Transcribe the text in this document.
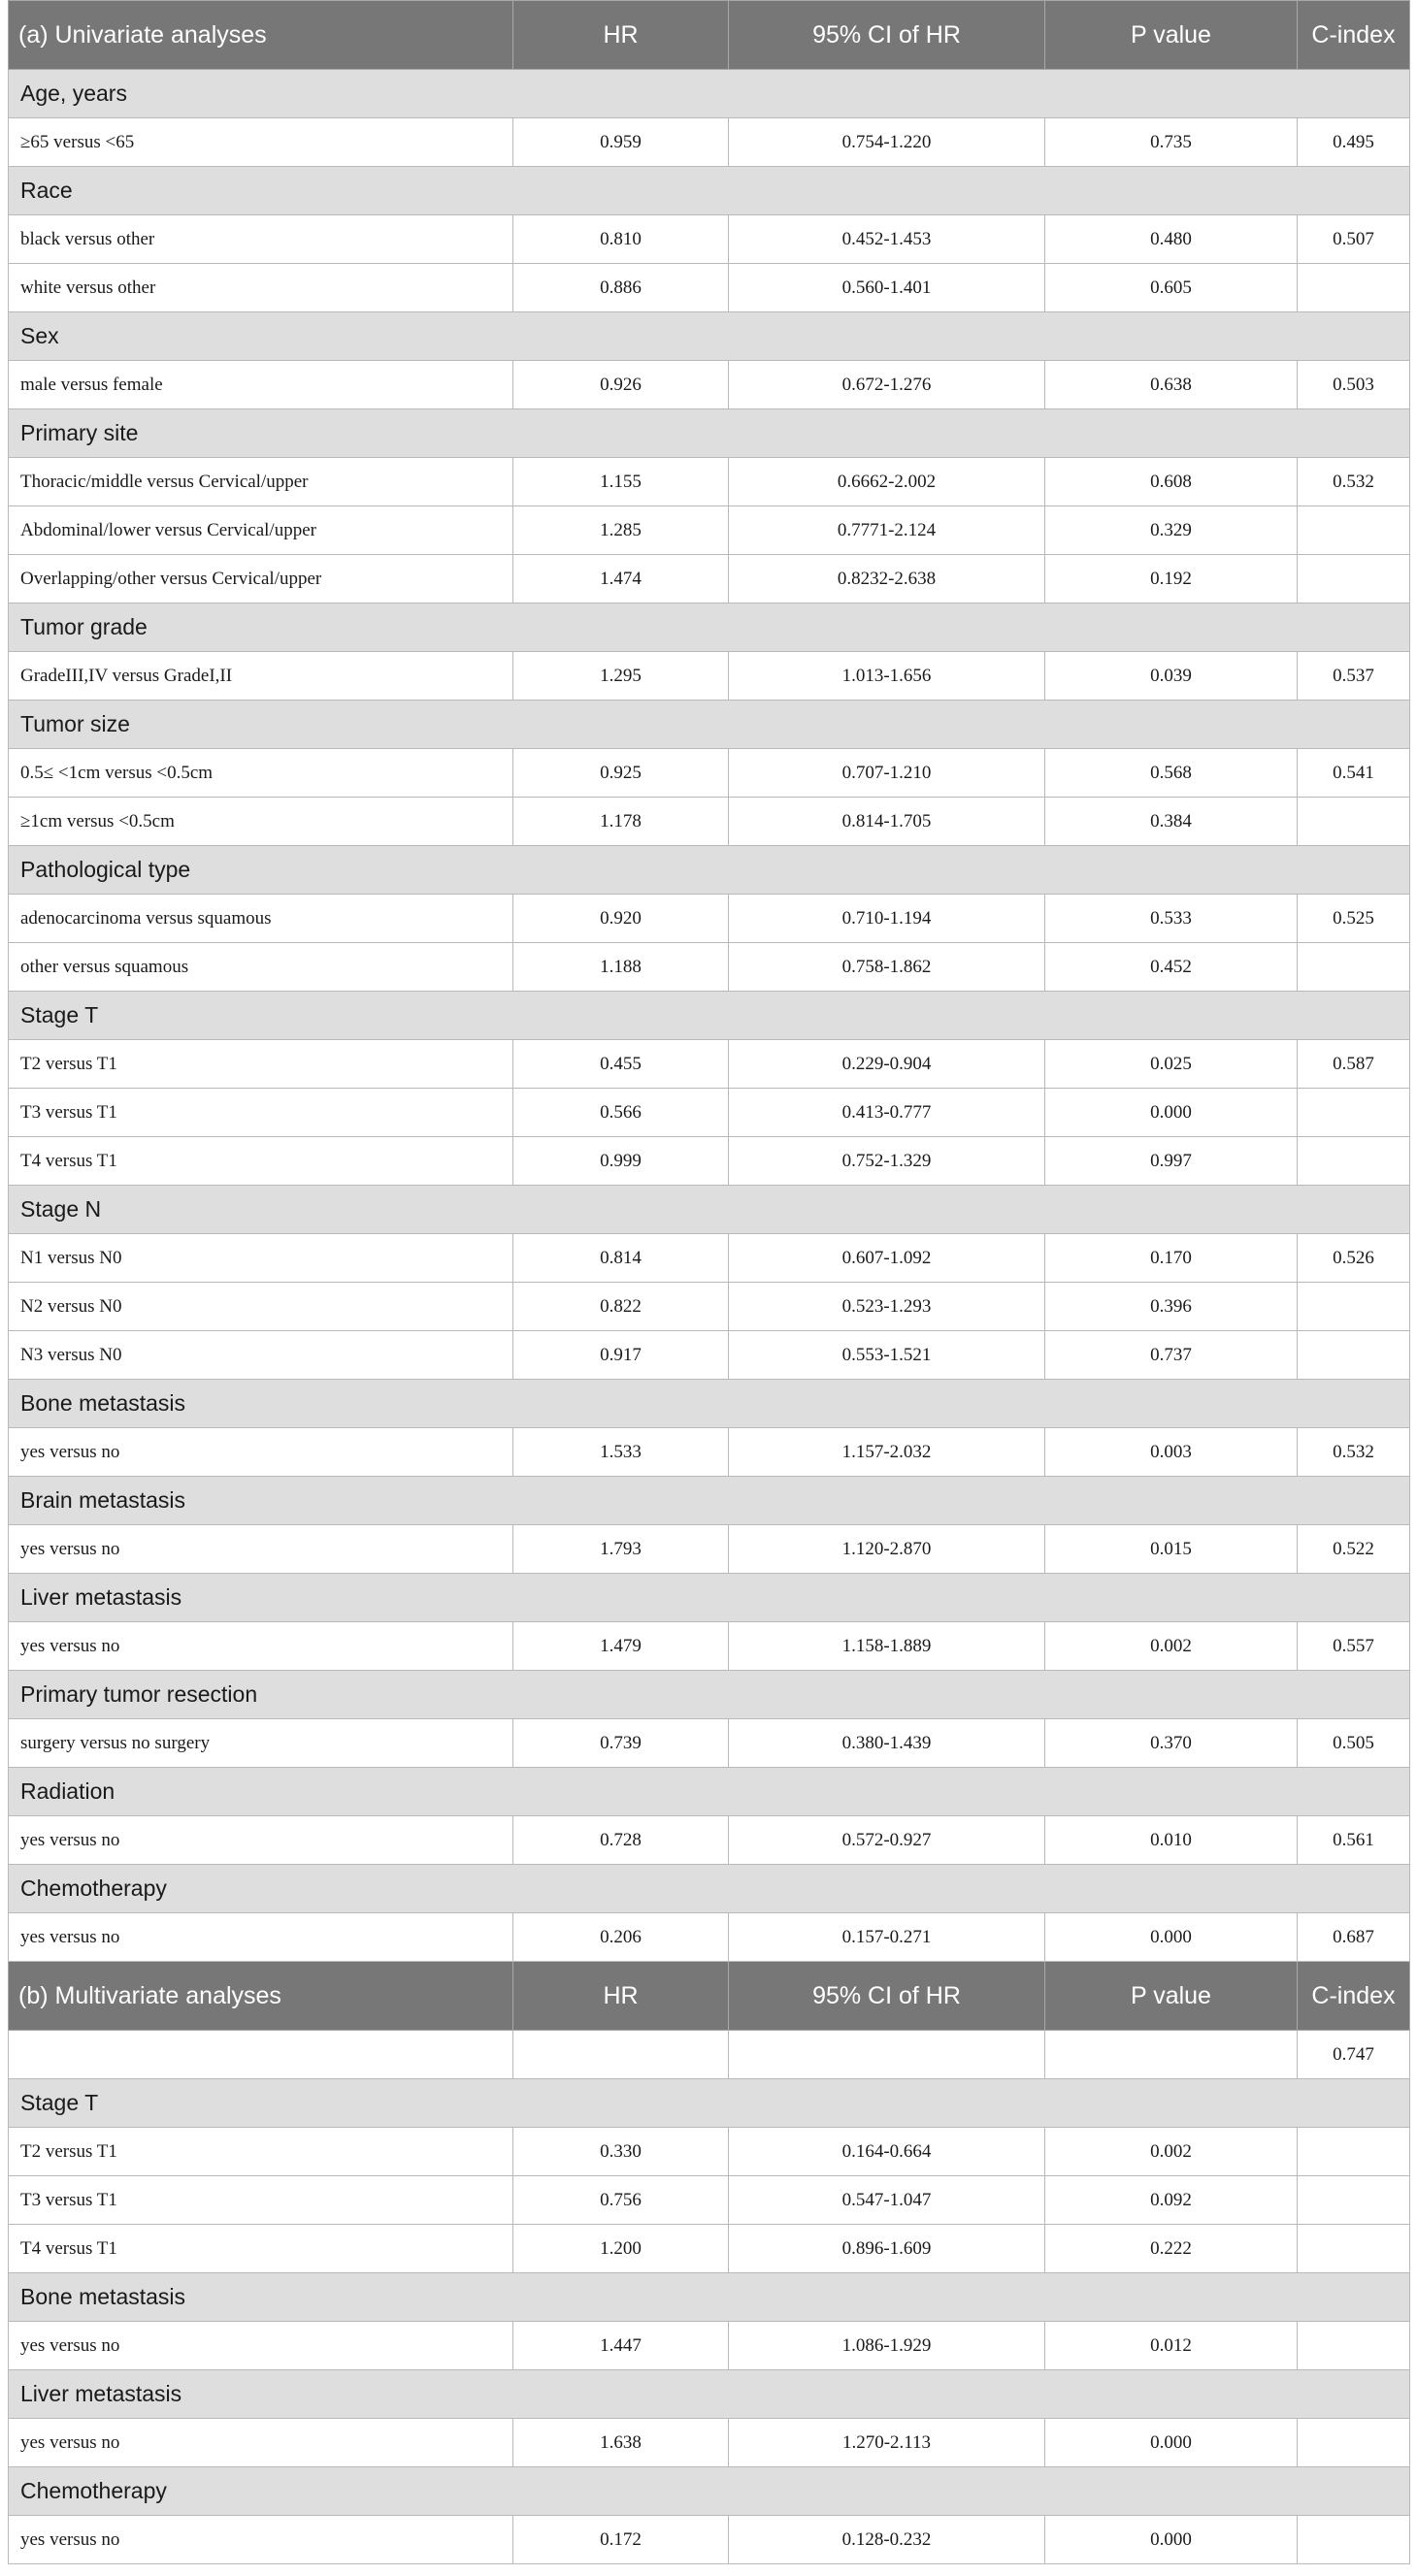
(a) Univariate analyses	HR	95% CI of HR	P value	C-index
Age, years				
≥65 versus <65	0.959	0.754-1.220	0.735	0.495
Race				
black versus other	0.810	0.452-1.453	0.480	0.507
white versus other	0.886	0.560-1.401	0.605	
Sex				
male versus female	0.926	0.672-1.276	0.638	0.503
Primary site				
Thoracic/middle versus Cervical/upper	1.155	0.6662-2.002	0.608	0.532
Abdominal/lower versus Cervical/upper	1.285	0.7771-2.124	0.329	
Overlapping/other versus Cervical/upper	1.474	0.8232-2.638	0.192	
Tumor grade				
GradeIII,IV versus GradeI,II	1.295	1.013-1.656	0.039	0.537
Tumor size				
0.5≤ <1cm versus <0.5cm	0.925	0.707-1.210	0.568	0.541
≥1cm versus <0.5cm	1.178	0.814-1.705	0.384	
Pathological type				
adenocarcinoma versus squamous	0.920	0.710-1.194	0.533	0.525
other versus squamous	1.188	0.758-1.862	0.452	
Stage T				
T2 versus T1	0.455	0.229-0.904	0.025	0.587
T3 versus T1	0.566	0.413-0.777	0.000	
T4 versus T1	0.999	0.752-1.329	0.997	
Stage N				
N1 versus N0	0.814	0.607-1.092	0.170	0.526
N2 versus N0	0.822	0.523-1.293	0.396	
N3 versus N0	0.917	0.553-1.521	0.737	
Bone metastasis				
yes versus no	1.533	1.157-2.032	0.003	0.532
Brain metastasis				
yes versus no	1.793	1.120-2.870	0.015	0.522
Liver metastasis				
yes versus no	1.479	1.158-1.889	0.002	0.557
Primary tumor resection				
surgery versus no surgery	0.739	0.380-1.439	0.370	0.505
Radiation				
yes versus no	0.728	0.572-0.927	0.010	0.561
Chemotherapy				
yes versus no	0.206	0.157-0.271	0.000	0.687
(b) Multivariate analyses	HR	95% CI of HR	P value	C-index
				0.747
Stage T				
T2 versus T1	0.330	0.164-0.664	0.002	
T3 versus T1	0.756	0.547-1.047	0.092	
T4 versus T1	1.200	0.896-1.609	0.222	
Bone metastasis				
yes versus no	1.447	1.086-1.929	0.012	
Liver metastasis				
yes versus no	1.638	1.270-2.113	0.000	
Chemotherapy				
yes versus no	0.172	0.128-0.232	0.000	
